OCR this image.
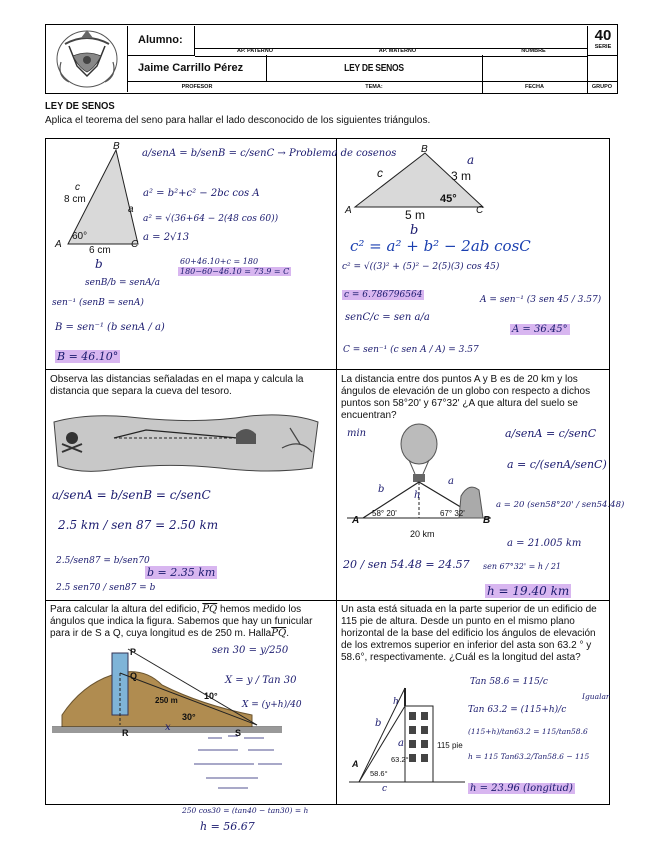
Alumno:
AP. PATERNO	AP. MATERNO	NOMBRE
40
SERIE
Jaime Carrillo Pérez	LEY DE SENOS
PROFESOR	TEMA:	FECHA	GRUPO
LEY DE SENOS
Aplica el teorema del seno para hallar el lado desconocido de los siguientes triángulos.
B
c
8 cm
a
60°
A
6 cm
C
a/senA = b/senB = c/senC → Problema de cosenos
a² = b²+c² − 2bc cos A
a² = √(36+64 − 2(48 cos 60))
a = 2√13
60+46.10+c = 180
180−60−46.10 = 73.9 = C
b
senB/b = senA/a
sen⁻¹ (senB = senA)
B = sen⁻¹ (b senA / a)
B = 46.10°
B
c
a
3 m
A
45°
C
5 m
b
c² = a² + b² − 2ab cosC
c² = √((3)² + (5)² − 2(5)(3) cos 45)
c = 6.786796564
senC/c = sen a/a
C = sen⁻¹ (c sen A / A) = 3.57
A = sen⁻¹ (3 sen 45 / 3.57)
A = 36.45°
Observa las distancias señaladas en el mapa y calcula la distancia que separa la cueva del tesoro.
a/senA = b/senB = c/senC
2.5 km / sen 87 = 2.50 km
2.5/sen87 = b/sen70
b = 2.35 km
2.5 sen70 / sen87 = b
La distancia entre dos puntos A y B es de 20 km y los ángulos de elevación de un globo con respecto a dichos puntos son 58°20' y 67°32' ¿A que altura del suelo se encuentran?
min
58° 20'	67° 32'
A	B
20 km
h
b
a
a/senA = c/senC
a = c/(senA/senC)
a = 20 (sen58°20' / sen54.48)
a = 21.005 km
20 / sen 54.48 = 24.57 sen 67°32' = h / 21
h = 19.40 km
Para calcular la altura del edificio, $\overline{PQ}$ hemos medido los ángulos que indica la figura. Sabemos que hay un funicular para ir de S a Q, cuya longitud es de 250 m. $Halla\overline{PQ}$.
P
Q
10°
250 m
30°
R	S
x
sen 30 = y/250
X = y / Tan 30
X = (y+h)/40
250 cos30 = (tan40 − tan30) = h
h = 56.67
Un asta está situada en la parte superior de un edificio de 115 pie de altura. Desde un punto en el mismo plano horizontal de la base del edificio los ángulos de elevación de los extremos superior en inferior del asta son 63.2 ° y 58.6°, respectivamente. ¿Cuál es la longitud del asta?
h
115 pie
b
a
A
58.6°
63.2°
c
Tan 58.6 = 115/c
Tan 63.2 = (115+h)/c
Igualar
(115+h)/tan63.2 = 115/tan58.6
h = 115 Tan63.2/Tan58.6 − 115
h = 23.96 (longitud)
